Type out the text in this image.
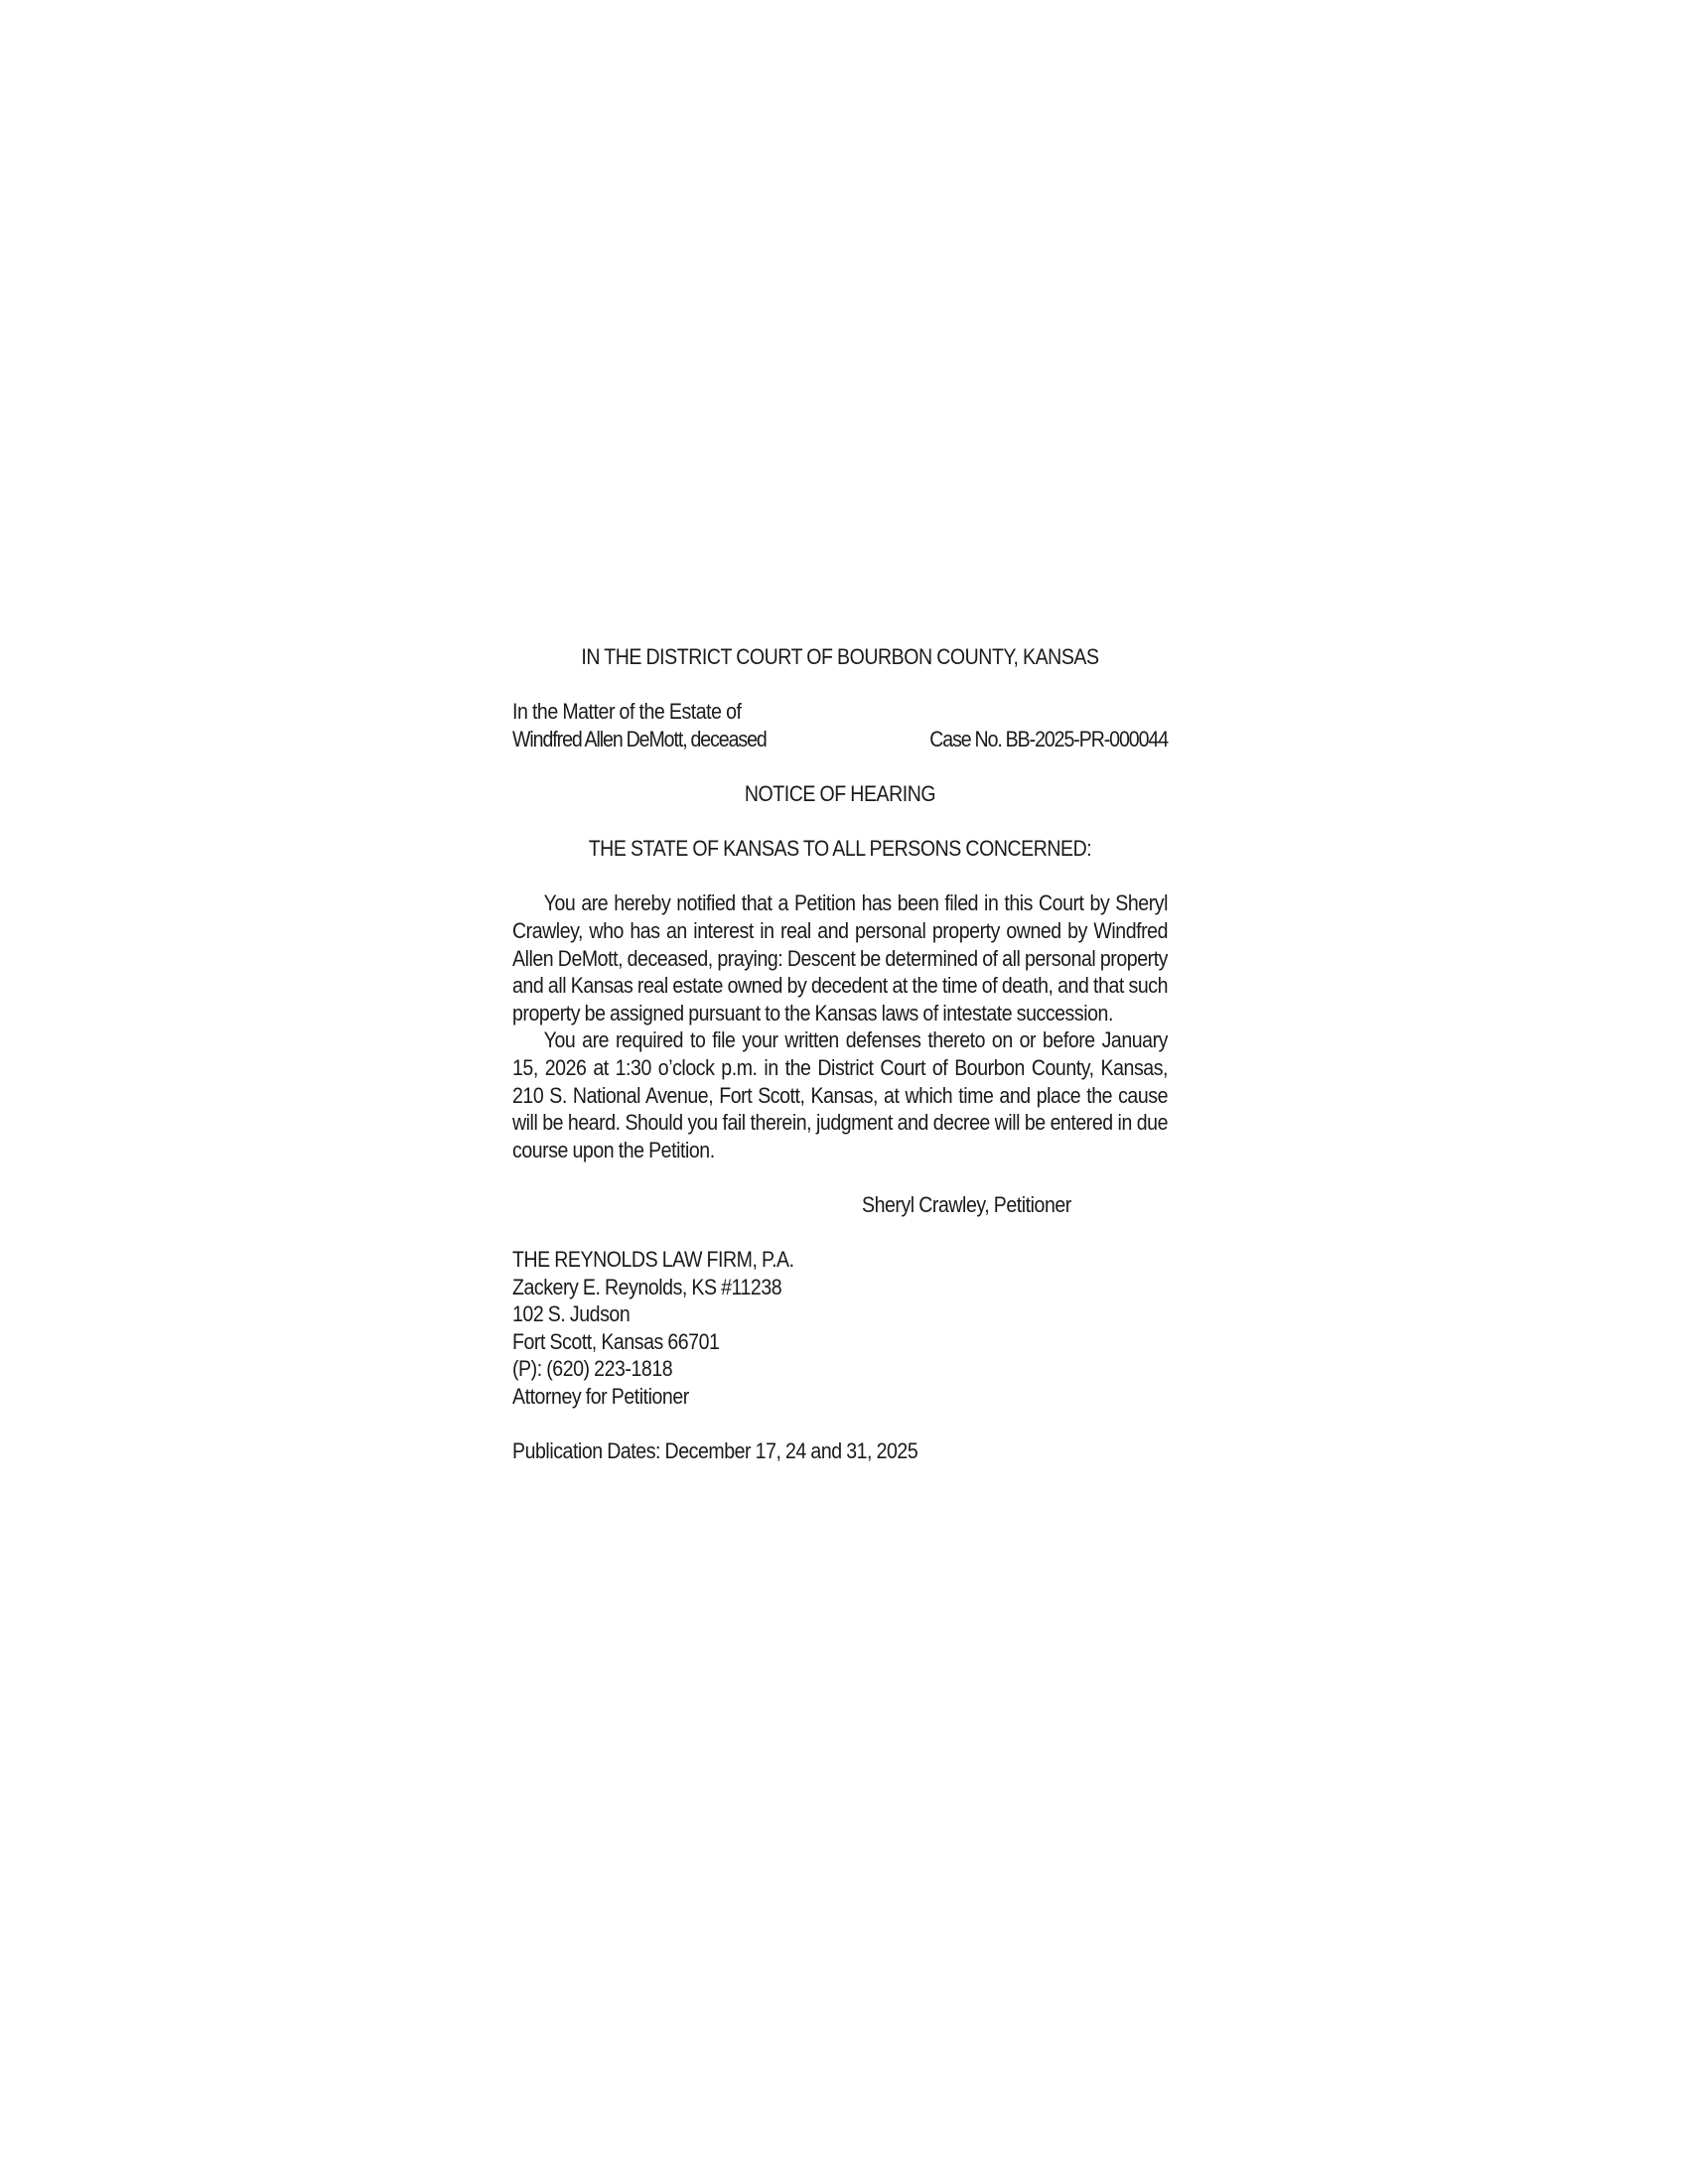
IN THE DISTRICT COURT OF BOURBON COUNTY, KANSAS
In the Matter of the Estate of
Windfred Allen DeMott, deceased	Case No. BB-2025-PR-000044
NOTICE OF HEARING
THE STATE OF KANSAS TO ALL PERSONS CONCERNED:

You are hereby notified that a Petition has been filed in this Court by Sheryl Crawley, who has an interest in real and personal property owned by Windfred Allen DeMott, deceased, praying: Descent be determined of all personal property and all Kansas real estate owned by decedent at the time of death, and that such property be assigned pursuant to the Kansas laws of intestate succession.

You are required to file your written defenses thereto on or before January 15, 2026 at 1:30 o’clock p.m. in the District Court of Bourbon County, Kansas, 210 S. National Avenue, Fort Scott, Kansas, at which time and place the cause will be heard. Should you fail therein, judgment and decree will be entered in due course upon the Petition.

Sheryl Crawley, Petitioner
THE REYNOLDS LAW FIRM, P.A.
Zackery E. Reynolds, KS #11238
102 S. Judson
Fort Scott, Kansas 66701
(P): (620) 223-1818
Attorney for Petitioner
Publication Dates: December 17, 24 and 31, 2025
